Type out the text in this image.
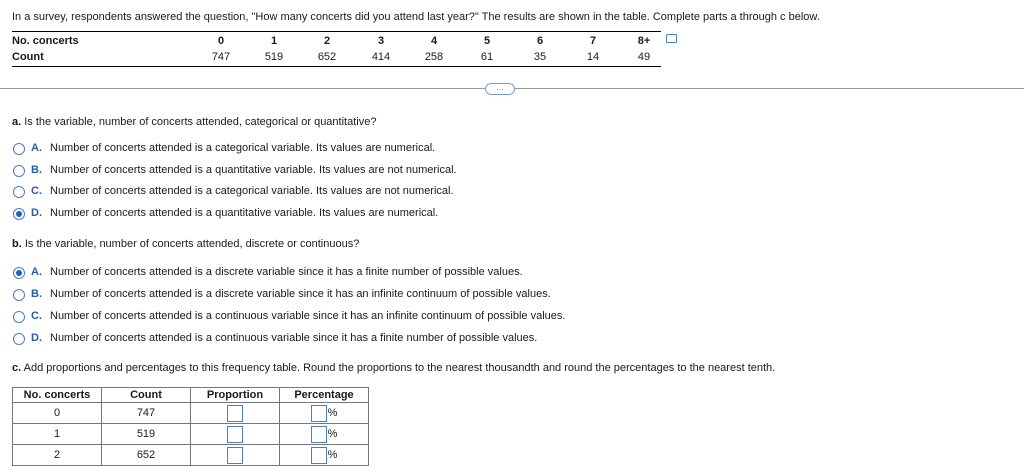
In a survey, respondents answered the question, "How many concerts did you attend last year?" The results are shown in the table. Complete parts a through c below.
No. concerts	0	1	2	3	4	5	6	7	8+
Count	747	519	652	414	258	61	35	14	49
…
a. Is the variable, number of concerts attended, categorical or quantitative?
A. Number of concerts attended is a categorical variable. Its values are numerical.
B. Number of concerts attended is a quantitative variable. Its values are not numerical.
C. Number of concerts attended is a categorical variable. Its values are not numerical.
D. Number of concerts attended is a quantitative variable. Its values are numerical.
b. Is the variable, number of concerts attended, discrete or continuous?
A. Number of concerts attended is a discrete variable since it has a finite number of possible values.
B. Number of concerts attended is a discrete variable since it has an infinite continuum of possible values.
C. Number of concerts attended is a continuous variable since it has an infinite continuum of possible values.
D. Number of concerts attended is a continuous variable since it has a finite number of possible values.
c. Add proportions and percentages to this frequency table. Round the proportions to the nearest thousandth and round the percentages to the nearest tenth.
No. concerts	Count	Proportion	Percentage
0	747		%
1	519		%
2	652		%
